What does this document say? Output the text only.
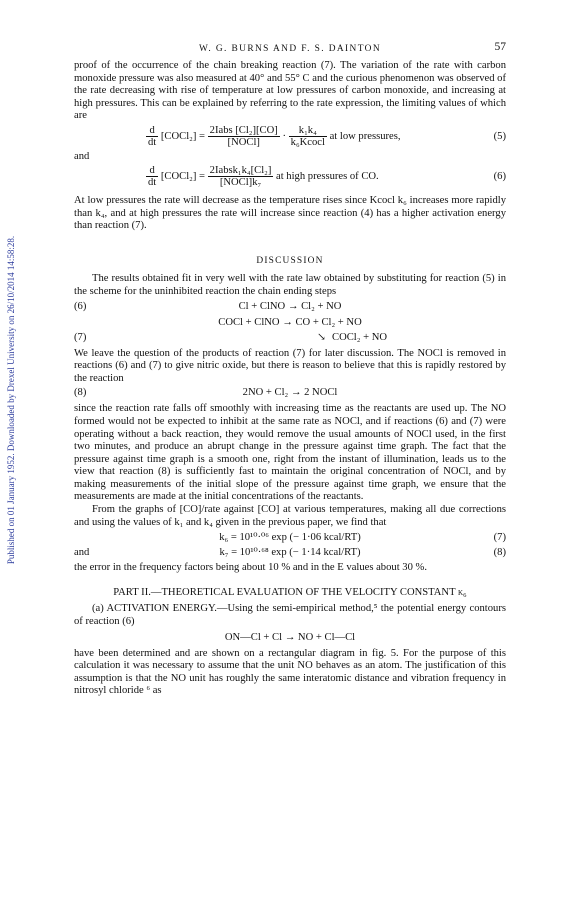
Published on 01 January 1952. Downloaded by Drexel University on 26/10/2014 14:58:28.
W. G. BURNS AND F. S. DAINTON	57

proof of the occurrence of the chain breaking reaction (7). The variation of the rate with carbon monoxide pressure was also measured at 40° and 55° C and the curious phenomenon was observed of the rate decreasing with rise of temperature at low pressures of carbon monoxide, and increasing at high pressures. This can be explained by referring to the rate expression, the limiting values of which are

$\frac{d}{dt}$ [COCl₂] = $\frac{\text{2Iabs [Cl₂][CO]}}{\text{[NOCl]}} \cdot \frac{\text{k₁k₄}}{\text{k₆Kcocl}}$ at low pressures,	(5)
and
$\frac{d}{dt}$ [COCl₂] = $\frac{\text{2Iabsk₁k₄[Cl₂]}}{\text{[NOCl]k₇}}$ at high pressures of CO.	(6)

At low pressures the rate will decrease as the temperature rises since Kcocl k₆ increases more rapidly than k₄, and at high pressures the rate will increase since reaction (4) has a higher activation energy than reaction (7).

DISCUSSION

The results obtained fit in very well with the rate law obtained by substituting for reaction (5) in the scheme for the uninhibited reaction the chain ending steps

(6)	Cl + ClNO → Cl₂ + NO
COCl + ClNO → CO + Cl₂ + NO
(7)	↘ COCl₂ + NO

We leave the question of the products of reaction (7) for later discussion. The NOCl is removed in reactions (6) and (7) to give nitric oxide, but there is reason to believe that this is rapidly restored by the reaction

(8)	2NO + Cl₂ → 2 NOCl

since the reaction rate falls off smoothly with increasing time as the reactants are used up. The NO formed would not be expected to inhibit at the same rate as NOCl, and if reactions (6) and (7) were operating without a back reaction, they would remove the usual amounts of NOCl used, in the first two minutes, and produce an abrupt change in the pressure against time graph. The fact that the pressure against time graph is a smooth one, right from the instant of illumination, leads us to the view that reaction (8) is sufficiently fast to maintain the original concentration of NOCl, and by making measurements of the initial slope of the pressure against time graph, we ensure that the measurements are made at the initial concentrations of the reactants.

From the graphs of [CO]/rate against [CO] at various temperatures, making all due corrections and using the values of k₁ and k₄ given in the previous paper, we find that

k₆ = 10¹⁰·⁰⁶ exp (− 1·06 kcal/RT)	(7)
and	k₇ = 10¹⁰·⁶⁸ exp (− 1·14 kcal/RT)	(8)

the error in the frequency factors being about 10 % and in the E values about 30 %.

PART II.—THEORETICAL EVALUATION OF THE VELOCITY CONSTANT k₆

(a) ACTIVATION ENERGY.—Using the semi-empirical method,⁵ the potential energy contours of reaction (6)

ON—Cl + Cl → NO + Cl—Cl

have been determined and are shown on a rectangular diagram in fig. 5. For the purpose of this calculation it was necessary to assume that the unit NO behaves as an atom. The justification of this assumption is that the NO unit has roughly the same interatomic distance and vibration frequency in nitrosyl chloride ⁶ as
